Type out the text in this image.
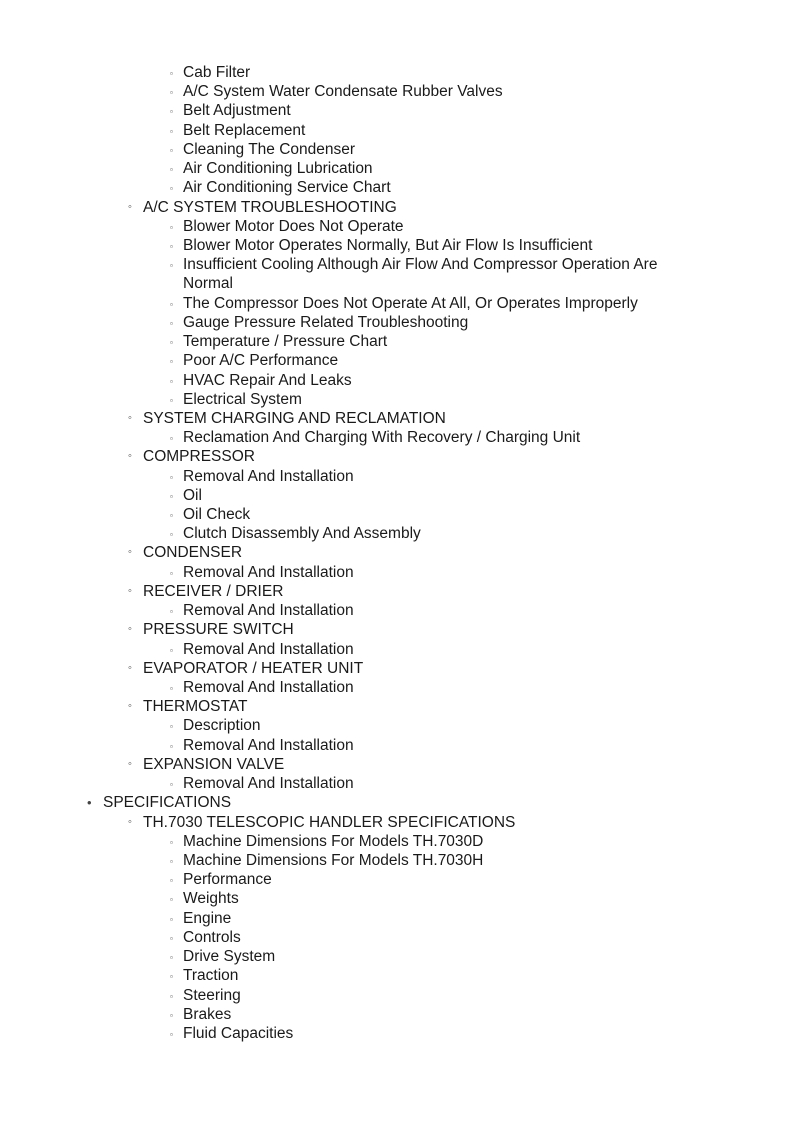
▫ Cab Filter
▫ A/C System Water Condensate Rubber Valves
▫ Belt Adjustment
▫ Belt Replacement
▫ Cleaning The Condenser
▫ Air Conditioning Lubrication
▫ Air Conditioning Service Chart
◦ A/C SYSTEM TROUBLESHOOTING
▫ Blower Motor Does Not Operate
▫ Blower Motor Operates Normally, But Air Flow Is Insufficient
▫ Insufficient Cooling Although Air Flow And Compressor Operation Are Normal
▫ The Compressor Does Not Operate At All, Or Operates Improperly
▫ Gauge Pressure Related Troubleshooting
▫ Temperature / Pressure Chart
▫ Poor A/C Performance
▫ HVAC Repair And Leaks
▫ Electrical System
◦ SYSTEM CHARGING AND RECLAMATION
▫ Reclamation And Charging With Recovery / Charging Unit
◦ COMPRESSOR
▫ Removal And Installation
▫ Oil
▫ Oil Check
▫ Clutch Disassembly And Assembly
◦ CONDENSER
▫ Removal And Installation
◦ RECEIVER / DRIER
▫ Removal And Installation
◦ PRESSURE SWITCH
▫ Removal And Installation
◦ EVAPORATOR / HEATER UNIT
▫ Removal And Installation
◦ THERMOSTAT
▫ Description
▫ Removal And Installation
◦ EXPANSION VALVE
▫ Removal And Installation
• SPECIFICATIONS
◦ TH.7030 TELESCOPIC HANDLER SPECIFICATIONS
▫ Machine Dimensions For Models TH.7030D
▫ Machine Dimensions For Models TH.7030H
▫ Performance
▫ Weights
▫ Engine
▫ Controls
▫ Drive System
▫ Traction
▫ Steering
▫ Brakes
▫ Fluid Capacities
